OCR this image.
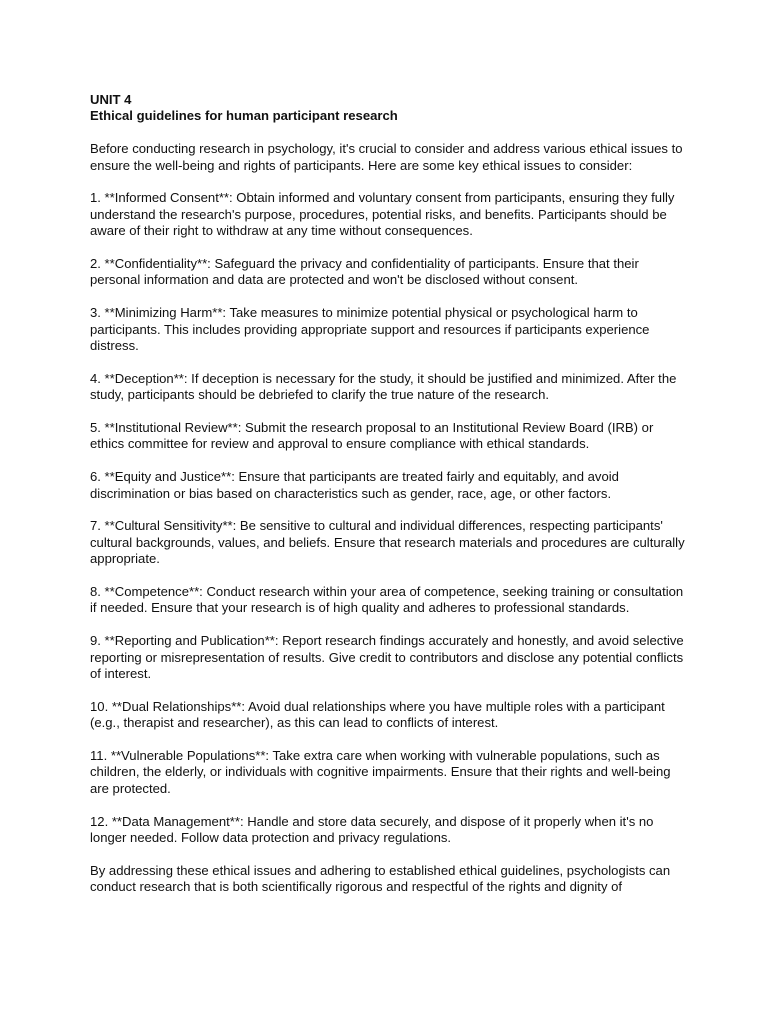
UNIT 4
Ethical guidelines for human participant research

Before conducting research in psychology, it's crucial to consider and address various ethical issues to ensure the well-being and rights of participants. Here are some key ethical issues to consider:

1. **Informed Consent**: Obtain informed and voluntary consent from participants, ensuring they fully understand the research's purpose, procedures, potential risks, and benefits. Participants should be aware of their right to withdraw at any time without consequences.

2. **Confidentiality**: Safeguard the privacy and confidentiality of participants. Ensure that their personal information and data are protected and won't be disclosed without consent.

3. **Minimizing Harm**: Take measures to minimize potential physical or psychological harm to participants. This includes providing appropriate support and resources if participants experience distress.

4. **Deception**: If deception is necessary for the study, it should be justified and minimized. After the study, participants should be debriefed to clarify the true nature of the research.

5. **Institutional Review**: Submit the research proposal to an Institutional Review Board (IRB) or ethics committee for review and approval to ensure compliance with ethical standards.

6. **Equity and Justice**: Ensure that participants are treated fairly and equitably, and avoid discrimination or bias based on characteristics such as gender, race, age, or other factors.

7. **Cultural Sensitivity**: Be sensitive to cultural and individual differences, respecting participants' cultural backgrounds, values, and beliefs. Ensure that research materials and procedures are culturally appropriate.

8. **Competence**: Conduct research within your area of competence, seeking training or consultation if needed. Ensure that your research is of high quality and adheres to professional standards.

9. **Reporting and Publication**: Report research findings accurately and honestly, and avoid selective reporting or misrepresentation of results. Give credit to contributors and disclose any potential conflicts of interest.

10. **Dual Relationships**: Avoid dual relationships where you have multiple roles with a participant (e.g., therapist and researcher), as this can lead to conflicts of interest.

11. **Vulnerable Populations**: Take extra care when working with vulnerable populations, such as children, the elderly, or individuals with cognitive impairments. Ensure that their rights and well-being are protected.

12. **Data Management**: Handle and store data securely, and dispose of it properly when it's no longer needed. Follow data protection and privacy regulations.

By addressing these ethical issues and adhering to established ethical guidelines, psychologists can conduct research that is both scientifically rigorous and respectful of the rights and dignity of
